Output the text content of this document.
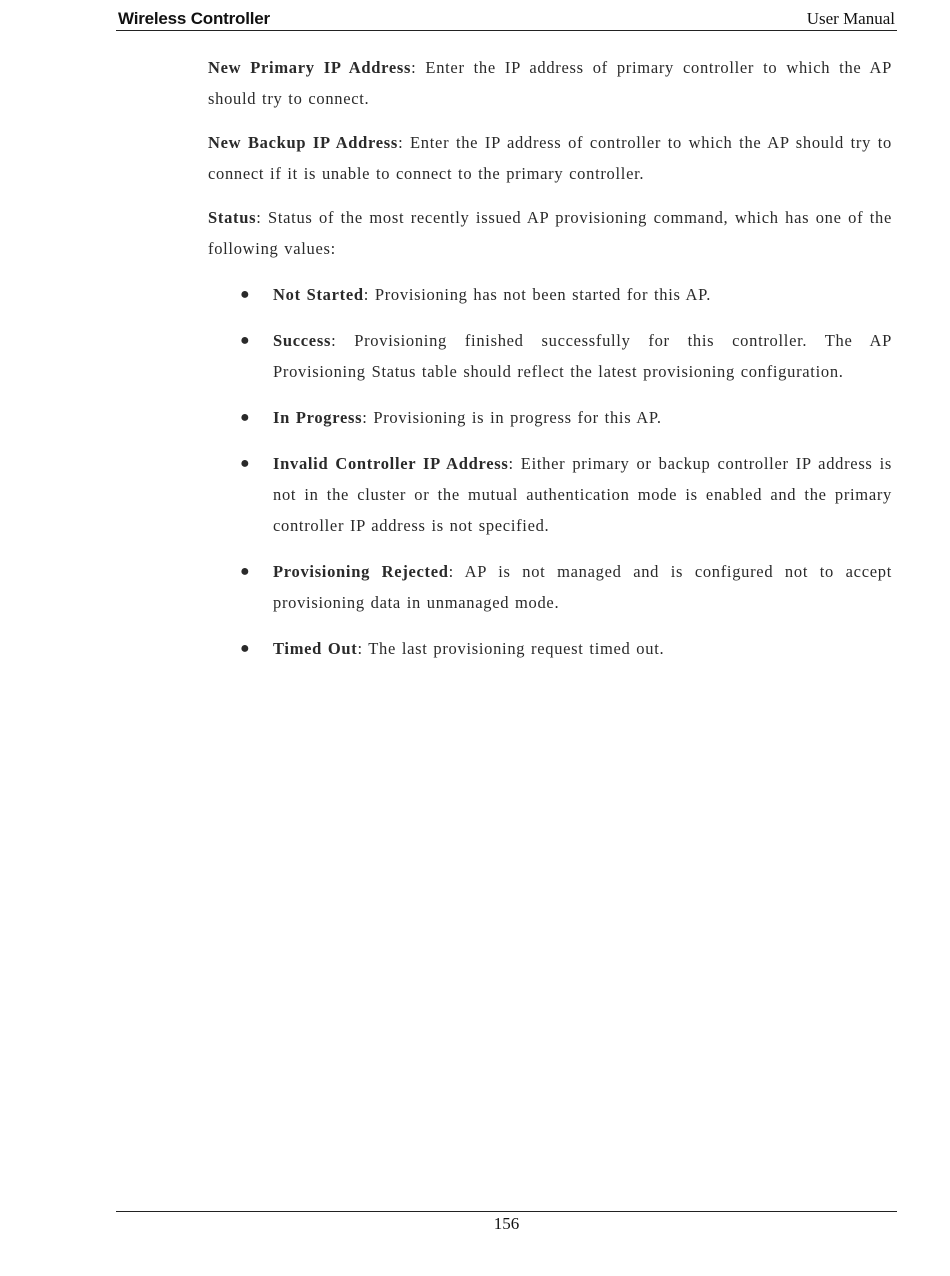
Wireless Controller	User Manual

New Primary IP Address: Enter the IP address of primary controller to which the AP should try to connect.

New Backup IP Address: Enter the IP address of controller to which the AP should try to connect if it is unable to connect to the primary controller.

Status: Status of the most recently issued AP provisioning command, which has one of the following values:

● Not Started: Provisioning has not been started for this AP.
● Success: Provisioning finished successfully for this controller. The AP Provisioning Status table should reflect the latest provisioning configuration.
● In Progress: Provisioning is in progress for this AP.
● Invalid Controller IP Address: Either primary or backup controller IP address is not in the cluster or the mutual authentication mode is enabled and the primary controller IP address is not specified.
● Provisioning Rejected: AP is not managed and is configured not to accept provisioning data in unmanaged mode.
● Timed Out: The last provisioning request timed out.
156
